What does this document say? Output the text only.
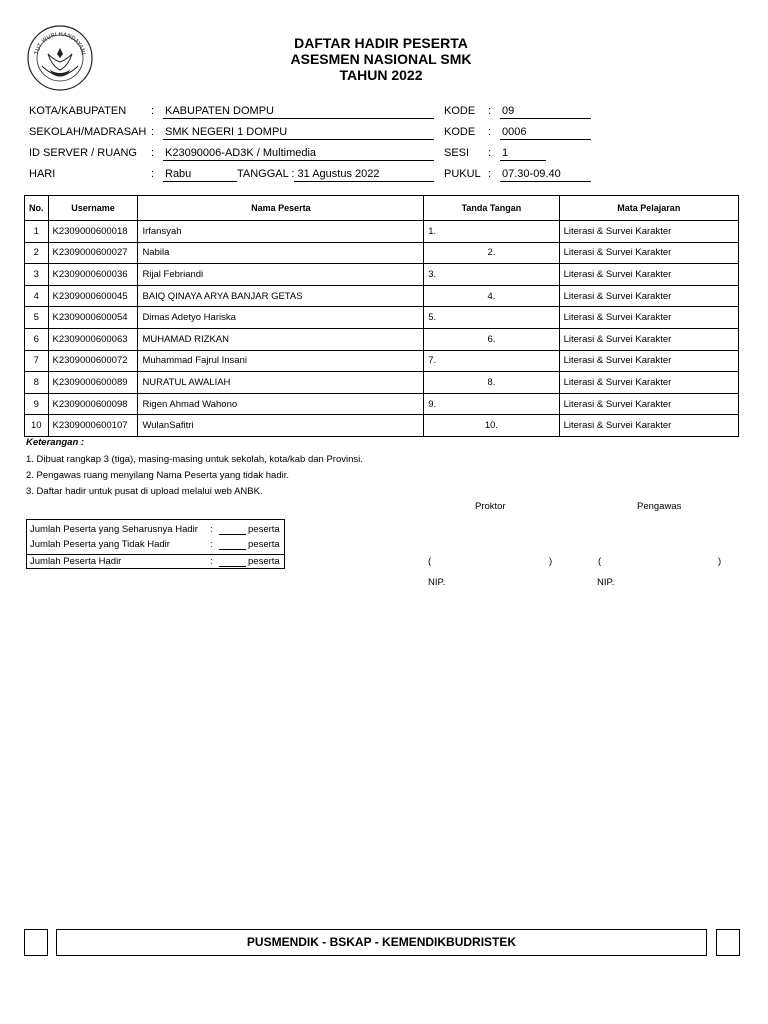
TUT WURI HANDAYANI
DAFTAR HADIR PESERTA
ASESMEN NASIONAL SMK
TAHUN 2022
KOTA/KABUPATEN : KABUPATEN DOMPU
SEKOLAH/MADRASAH : SMK NEGERI 1 DOMPU
ID SERVER / RUANG : K23090006-AD3K / Multimedia
HARI	: Rabu	TANGGAL : 31 Agustus 2022
KODE : 09
KODE : 0006
SESI : 1
PUKUL : 07.30-09.40
No.	Username	Nama Peserta	Tanda Tangan	Mata Pelajaran
1	K2309000600018	Irfansyah	1.	Literasi & Survei Karakter
2	K2309000600027	Nabila	2.	Literasi & Survei Karakter
3	K2309000600036	Rijal Febriandi	3.	Literasi & Survei Karakter
4	K2309000600045	BAIQ QINAYA ARYA BANJAR GETAS	4.	Literasi & Survei Karakter
5	K2309000600054	Dimas Adetyo Hariska	5.	Literasi & Survei Karakter
6	K2309000600063	MUHAMAD RIZKAN	6.	Literasi & Survei Karakter
7	K2309000600072	Muhammad Fajrul Insani	7.	Literasi & Survei Karakter
8	K2309000600089	NURATUL AWALIAH	8.	Literasi & Survei Karakter
9	K2309000600098	Rigen Ahmad Wahono	9.	Literasi & Survei Karakter
10	K2309000600107	WulanSafitri	10.	Literasi & Survei Karakter
Keterangan :
1. Dibuat rangkap 3 (tiga), masing-masing untuk sekolah, kota/kab dan Provinsi.
2. Pengawas ruang menyilang Nama Peserta yang tidak hadir.
3. Daftar hadir untuk pusat di upload melalui web ANBK.
Proktor	Pengawas
(	)	(	)
NIP.	NIP.
Jumlah Peserta yang Seharusnya Hadir :	peserta
Jumlah Peserta yang Tidak Hadir	:	peserta
Jumlah Peserta Hadir	:	peserta
PUSMENDIK - BSKAP - KEMENDIKBUDRISTEK
